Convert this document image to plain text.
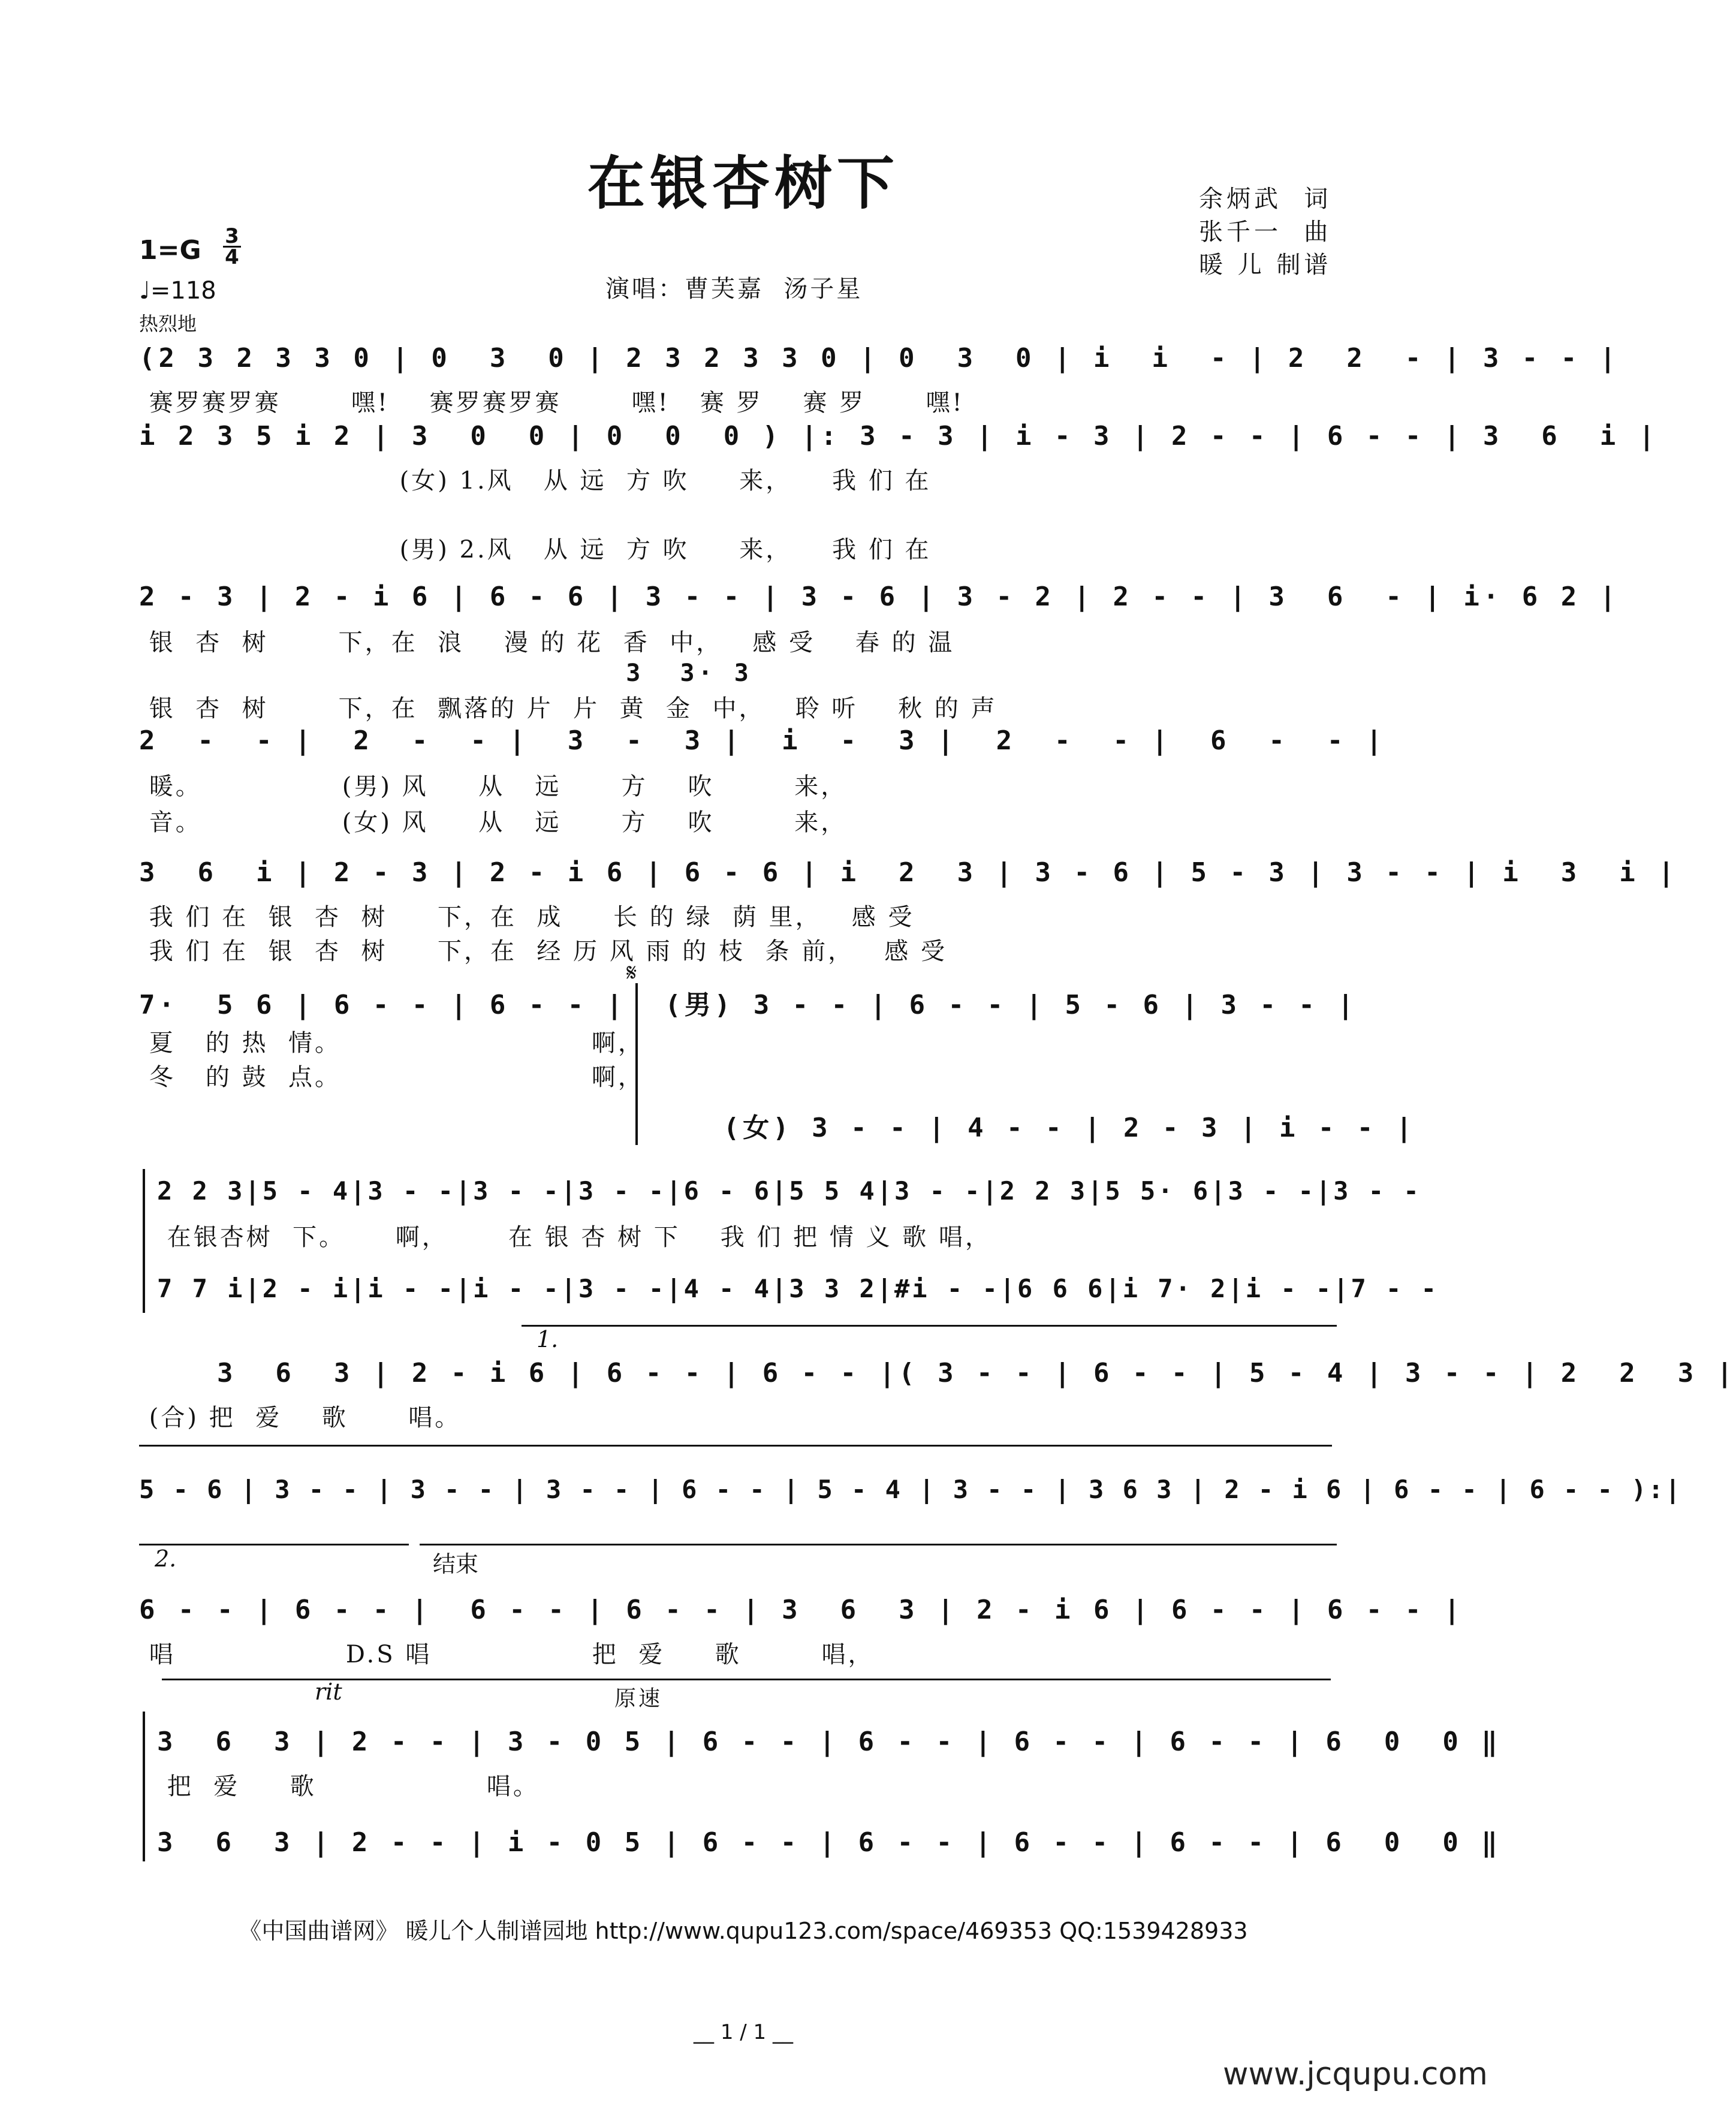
在银杏树下	余炳武  词
张千一  曲
暖 儿 制谱
1=G 3
4
♩=118
热烈地
演唱：曹芙嘉  汤子星
(2 3 2 3 3 0 | 0  3  0 | 2 3 2 3 3 0 | 0  3  0 | i  i  - | 2  2  - | 3 - - |
赛罗赛罗赛       嘿!    赛罗赛罗赛       嘿!   赛 罗    赛 罗      嘿!
i 2 3 5 i 2 | 3  0  0 | 0  0  0 ) |: 3 - 3 | i - 3 | 2 - - | 6 - - | 3  6  i |
(女) 1.风   从 远  方 吹     来，    我 们 在
(男) 2.风   从 远  方 吹     来，    我 们 在
2 - 3 | 2 - i 6 | 6 - 6 | 3 - - | 3 - 6 | 3 - 2 | 2 - - | 3  6  - | i· 6 2 |
银  杏  树       下，在  浪    漫 的 花  香  中，   感 受    春 的 温
3  3· 3
银  杏  树       下，在  飘落的 片  片  黄  金  中，   聆 听    秋 的 声
2  -  - |  2  -  - |  3  -  3 |  i  -  3 |  2  -  - |  6  -  - |
暖。              (男) 风     从   远      方    吹        来，
音。              (女) 风     从   远      方    吹        来，
3  6  i | 2 - 3 | 2 - i 6 | 6 - 6 | i  2  3 | 3 - 6 | 5 - 3 | 3 - - | i  3  i |
我 们 在  银  杏  树     下，在  成     长 的 绿  荫 里，   感 受
我 们 在  银  杏  树     下，在  经 历 风 雨 的 枝  条 前，   感 受
𝄋
7·  5 6 | 6 - - | 6 - - |  (男) 3 - - | 6 - - | 5 - 6 | 3 - - |
夏   的 热  情。                         啊，
冬   的 鼓  点。                         啊，
(女) 3 - - | 4 - - | 2 - 3 | i - - |
2 2 3|5 - 4|3 - -|3 - -|3 - -|6 - 6|5 5 4|3 - -|2 2 3|5 5· 6|3 - -|3 - -
在银杏树  下。     啊，      在 银 杏 树 下    我 们 把 情 义 歌 唱，
7 7 i|2 - i|i - -|i - -|3 - -|4 - 4|3 3 2|#i - -|6 6 6|i 7· 2|i - -|7 - -
1.
3  6  3 | 2 - i 6 | 6 - - | 6 - - |( 3 - - | 6 - - | 5 - 4 | 3 - - | 2  2  3 |
(合) 把  爱    歌      唱。
5 - 6 | 3 - - | 3 - - | 3 - - | 6 - - | 5 - 4 | 3 - - | 3 6 3 | 2 - i 6 | 6 - - | 6 - - ):|
2.	结束
6 - - | 6 - - |  6 - - | 6 - - | 3  6  3 | 2 - i 6 | 6 - - | 6 - - |
唱                 D.S 唱                把  爱     歌        唱，
rit	原速
3  6  3 | 2 - - | 3 - 0 5 | 6 - - | 6 - - | 6 - - | 6 - - | 6  0  0 ‖
把  爱     歌                 唱。
3  6  3 | 2 - - | i - 0 5 | 6 - - | 6 - - | 6 - - | 6 - - | 6  0  0 ‖
《中国曲谱网》 暖儿个人制谱园地 http://www.qupu123.com/space/469353 QQ:1539428933
__ 1 / 1 __
www.jcqupu.com
